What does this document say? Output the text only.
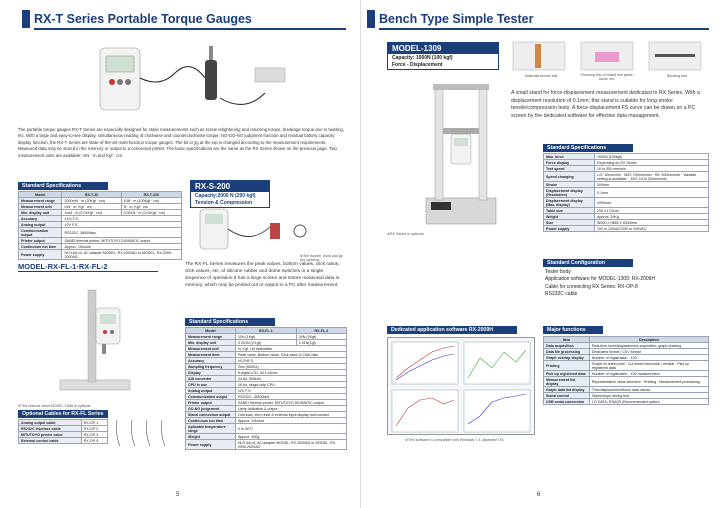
RX-T Series Portable Torque Gauges
The portable torque gauges RX-T Series are especially designed for static measurements such as screw retightening and returning torque, breakage torque due to twisting, etc. With a large and easy-to-see display, simultaneous reading of clockwise and counterclockwise torque, NO-GO-NO judgment function and residual battery capacity display function, the RX-T Series are state-of-the-art multi-function torque gauges. The bit or jig at the top is changed according to the measurement requirements. Measured data may be stored in the memory or output to a connected printer. The basic specifications are the same as the RX Series shown on the previous page. Two measurement units are available: mN · m and Kgf · cm.
Standard Specifications
Model	RX-T-20	RX-T-100
Measurement range	2000mN · m (20Kgf · cm)	10N · m (100Kgf · cm)
Measurement unit	mN · m, Kgf · cm	N · m, Kgf · cm
Min. display unit	1mN · m (0.01Kgf · cm)	0.001N · m (0.01Kgf · cm)
Accuracy	±1% F.S.	
Analog output	±2V F.S.	
Communication output	RS232C, 38400bps	
Printer output	SANEI thermal printer, MITUTOYO DIGIMATIC output	
Continuous run time	Approx. 10hours	
Power supply	Ni-H AA x4, AC adapter MODEL: RX-2000AD or MODEL: RX-2000-2000AD	
RX-S-200
Capacity:2000 N (200 kgf)
Tension & Compression
※The handle, hook and jig are optional.
MODEL-RX-FL-1·RX-FL-2
※The manual stand MODEL-1S88 is optional.
Optional Cables for RX-FL Series
Analog output cable	RX-OP-1
RS232C interface cable	RX-OP-2
MITUTOYO printer cable	RX-OP-3
External control cable	RX-OP-5
The RX-FL Series measures the peak values, bottom values, click ratios, click values, etc. of silicone rubber and dome switches in a single sequence of operation.It has a large screen and stores measured data in memory, which may be printed out or output to a PC after measurement.
Standard Specifications
Model	RX-FL-1	RX-FL-2
Measurement range	10N (1Kgf)	20N (2Kgf)
Min. display unit	0.001N (0.1gf)	0.01N(1gf)
Measurement unit	N, Kgf, Lbf selectable	
Measurement item	Peak value, Bottom value, Click value & Click ratio	
Accuracy	±0.2%F.S.	
Sampling frequency	2ms (500Hz)	
Display	8-digits LCD, 44 x 44mm	
A/D converter	24-bit, 500kHz	
CPU in use	16-bit, single-chip CPU	
Analog output	±2V F.S.	
Communication output	RS232C, 38400bps	
Printer output	SANEI thermal printer, MITUTOYO DIGIMATIC output	
GO-NG judgement	Lamp indication & output	
Stand connection output	Overload, zero reset & external input display hold contact	
Continuous run time	Approx. 10hours	
Aplicable temperature range	0 to 40°C	
Weight	Approx. 450g	
Power supply	Ni-H AA x4, AC adapter MODEL: RX-2000AD or MODEL: RX-2000-2000AD	
5
Bench Type Simple Tester
MODEL-1309
Capacity: 1000N (100 kgf)
Force - Displacement
※RX Series is optional.
Materials tensile test	Shearing test of boiled fish paste, hams, etc.
Bending test
A small stand for force-displacement measurement dedicated to RX Series. With a displacement resolution of 0.1mm, this stand is suitable for long-stroke tensile/compression tests. A force-displacement FS curve can be drawn on a PC screen by the dedicated software for effective data management.
Standard Specifications
Max. force	1000N (100kgf)
Force display	Depending on RX Series
Test speed	10 to 300 mm/min
Speed changing	L/V: 10mm/min · M/D: 100mm/min · H/I: 200mm/min · Variable setting is available. · M/V: 10 to 300mm/min
Stroke	300mm
Displacement display (Resolution)	0.1mm
Displacement display (Max. display)	±999mm
Table size	200 x 170mm
Weight	Approx. 29Kg
Size	W200 x H850 x D330mm
Power supply	100 to 120VAC/200 to 240VAC
Standard Configuration
Tester body
Application software for MODEL-1309: RX-2009H
Cable for connecting RX Series: RX-OP-8
RS232C cable
Dedicated application software RX-2009H
※This software is compatible with Windows 7 & Japanese OS.
Major functions
Item	Description
Data acquisition	Real-time force/displacement acquisition, graph drawing
Data file processing	Dedicated format / CSV format
Graph overlap display	Number of registration · 100
Printing	Graph on sheet print · Cut sheet horizontal / vertical · Pick up registered data
Pick up registered data	Number of registration · 100 measurement
Measurement list display	Representative value selection · Printing · Measurement processing
Graph data list display	Time/displacement/force data values
Stand control	Starts/stops driving test
USB serial conversion	I-O DATA: RSAQ5 (Recommended option)
6
